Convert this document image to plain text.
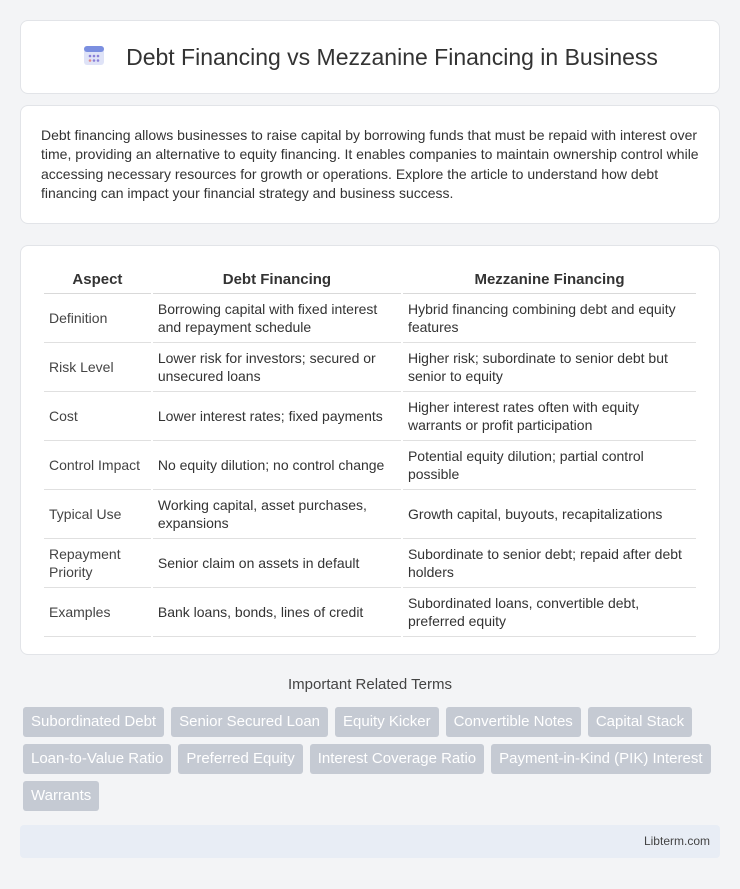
Debt Financing vs Mezzanine Financing in Business

Debt financing allows businesses to raise capital by borrowing funds that must be repaid with interest over time, providing an alternative to equity financing. It enables companies to maintain ownership control while accessing necessary resources for growth or operations. Explore the article to understand how debt financing can impact your financial strategy and business success.

Aspect	Debt Financing	Mezzanine Financing
Definition	Borrowing capital with fixed interest and repayment schedule	Hybrid financing combining debt and equity features
Risk Level	Lower risk for investors; secured or unsecured loans	Higher risk; subordinate to senior debt but senior to equity
Cost	Lower interest rates; fixed payments	Higher interest rates often with equity warrants or profit participation
Control Impact	No equity dilution; no control change	Potential equity dilution; partial control possible
Typical Use	Working capital, asset purchases, expansions	Growth capital, buyouts, recapitalizations
Repayment Priority	Senior claim on assets in default	Subordinate to senior debt; repaid after debt holders
Examples	Bank loans, bonds, lines of credit	Subordinated loans, convertible debt, preferred equity
Important Related Terms
Subordinated Debt	Senior Secured Loan	Equity Kicker	Convertible Notes	Capital Stack
Loan-to-Value Ratio	Preferred Equity	Interest Coverage Ratio	Payment-in-Kind (PIK) Interest
Warrants
Libterm.com
